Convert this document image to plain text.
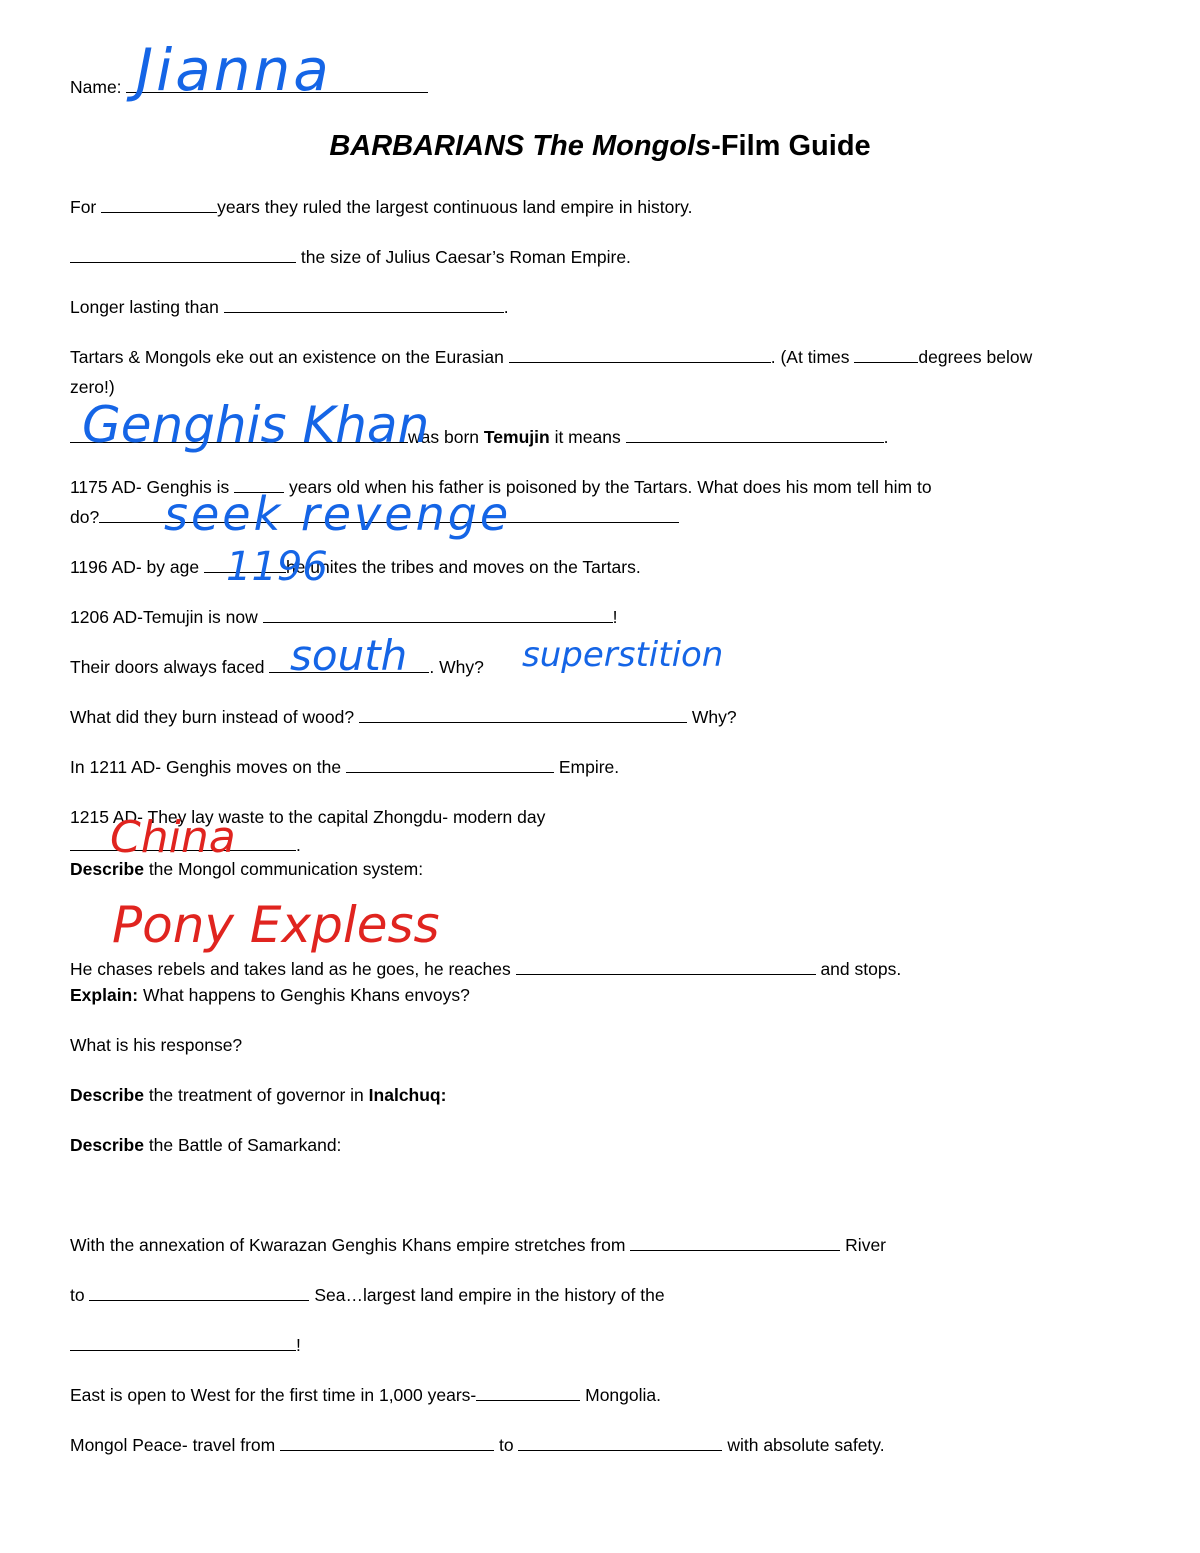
Name:
BARBARIANS The Mongols-Film Guide
For	years they ruled the largest continuous land empire in history.
the size of Julius Caesar’s Roman Empire.
Longer lasting than	.
Tartars & Mongols eke out an existence on the Eurasian	. (At times	degrees below
zero!)
was born Temujin it means	.
1175 AD- Genghis is	years old when his father is poisoned by the Tartars. What does his mom tell him to
do?
1196 AD- by age	he unites the tribes and moves on the Tartars.
1206 AD-Temujin is now	!
Their doors always faced	. Why?
What did they burn instead of wood?	Why?
In 1211 AD- Genghis moves on the	Empire.
1215 AD- They lay waste to the capital Zhongdu- modern day
.
Describe the Mongol communication system:
He chases rebels and takes land as he goes, he reaches	and stops.
Explain: What happens to Genghis Khans envoys?
What is his response?
Describe the treatment of governor in Inalchuq:
Describe the Battle of Samarkand:
With the annexation of Kwarazan Genghis Khans empire stretches from	River
to	Sea…largest land empire in the history of the
!
East is open to West for the first time in 1,000 years-	Mongolia.
Mongol Peace- travel from	to	with absolute safety.
Jianna
Genghis Khan
seek revenge
1196
south	superstition
China
Pony Expless
